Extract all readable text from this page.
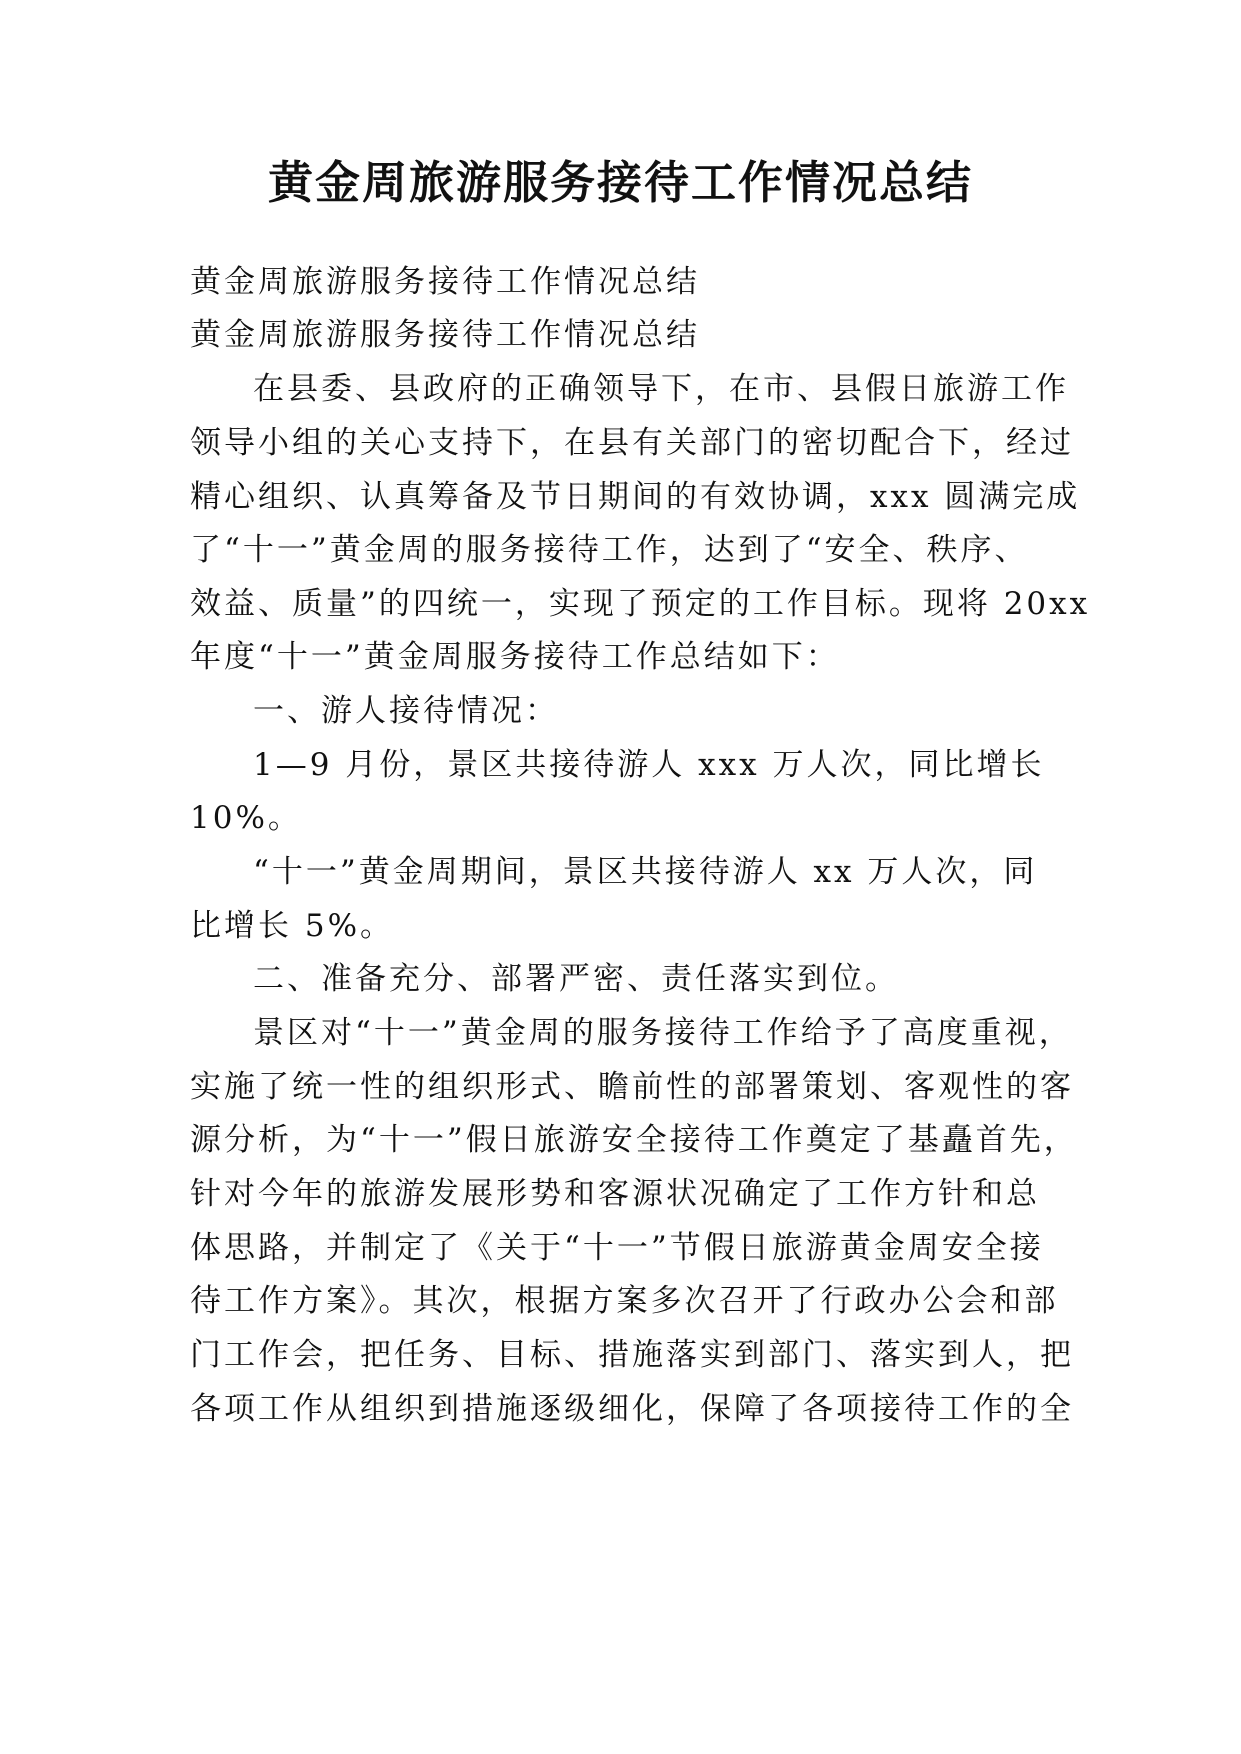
黄金周旅游服务接待工作情况总结

黄金周旅游服务接待工作情况总结

黄金周旅游服务接待工作情况总结

在县委、县政府的正确领导下，在市、县假日旅游工作

领导小组的关心支持下，在县有关部门的密切配合下，经过

精心组织、认真筹备及节日期间的有效协调，xxx 圆满完成

了“十一”黄金周的服务接待工作，达到了“安全、秩序、

效益、质量”的四统一，实现了预定的工作目标。现将 20xx

年度“十一”黄金周服务接待工作总结如下：

一、游人接待情况：

1—9 月份，景区共接待游人 xxx 万人次，同比增长

10%。

“十一”黄金周期间，景区共接待游人 xx 万人次，同

比增长 5%。

二、准备充分、部署严密、责任落实到位。

景区对“十一”黄金周的服务接待工作给予了高度重视，

实施了统一性的组织形式、瞻前性的部署策划、客观性的客

源分析，为“十一”假日旅游安全接待工作奠定了基矗首先，

针对今年的旅游发展形势和客源状况确定了工作方针和总

体思路，并制定了《关于“十一”节假日旅游黄金周安全接

待工作方案》。其次，根据方案多次召开了行政办公会和部

门工作会，把任务、目标、措施落实到部门、落实到人，把

各项工作从组织到措施逐级细化，保障了各项接待工作的全
